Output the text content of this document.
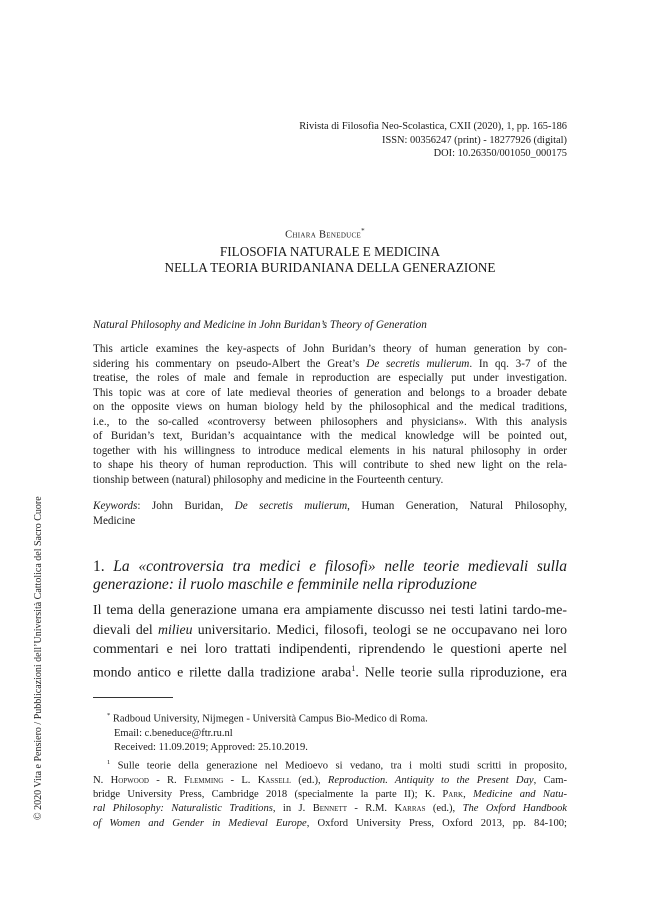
Rivista di Filosofia Neo-Scolastica, CXII (2020), 1, pp. 165-186
ISSN: 00356247 (print) - 18277926 (digital)
DOI: 10.26350/001050_000175
Chiara Beneduce*
FILOSOFIA NATURALE E MEDICINA
NELLA TEORIA BURIDANIANA DELLA GENERAZIONE
Natural Philosophy and Medicine in John Buridan’s Theory of Generation
This article examines the key-aspects of John Buridan’s theory of human generation by con-
sidering his commentary on pseudo-Albert the Great’s De secretis mulierum. In qq. 3-7 of the
treatise, the roles of male and female in reproduction are especially put under investigation.
This topic was at core of late medieval theories of generation and belongs to a broader debate
on the opposite views on human biology held by the philosophical and the medical traditions,
i.e., to the so-called «controversy between philosophers and physicians». With this analysis
of Buridan’s text, Buridan’s acquaintance with the medical knowledge will be pointed out,
together with his willingness to introduce medical elements in his natural philosophy in order
to shape his theory of human reproduction. This will contribute to shed new light on the rela-
tionship between (natural) philosophy and medicine in the Fourteenth century.
Keywords: John Buridan, De secretis mulierum, Human Generation, Natural Philosophy,
Medicine
1. La «controversia tra medici e filosofi» nelle teorie medievali sulla
generazione: il ruolo maschile e femminile nella riproduzione
Il tema della generazione umana era ampiamente discusso nei testi latini tardo-me-
dievali del milieu universitario. Medici, filosofi, teologi se ne occupavano nei loro
commentari e nei loro trattati indipendenti, riprendendo le questioni aperte nel
mondo antico e rilette dalla tradizione araba$^1$. Nelle teorie sulla riproduzione, era
* Radboud University, Nijmegen - Università Campus Bio-Medico di Roma.
Email: c.beneduce@ftr.ru.nl
Received: 11.09.2019; Approved: 25.10.2019.
$^1$ Sulle teorie della generazione nel Medioevo si vedano, tra i molti studi scritti in proposito,
N. Hopwood - R. Flemming - L. Kassell (ed.), Reproduction. Antiquity to the Present Day, Cam-
bridge University Press, Cambridge 2018 (specialmente la parte II); K. Park, Medicine and Natu-
ral Philosophy: Naturalistic Traditions, in J. Bennett - R.M. Karras (ed.), The Oxford Handbook
of Women and Gender in Medieval Europe, Oxford University Press, Oxford 2013, pp. 84-100;
© 2020 Vita e Pensiero / Pubblicazioni dell’Università Cattolica del Sacro Cuore
